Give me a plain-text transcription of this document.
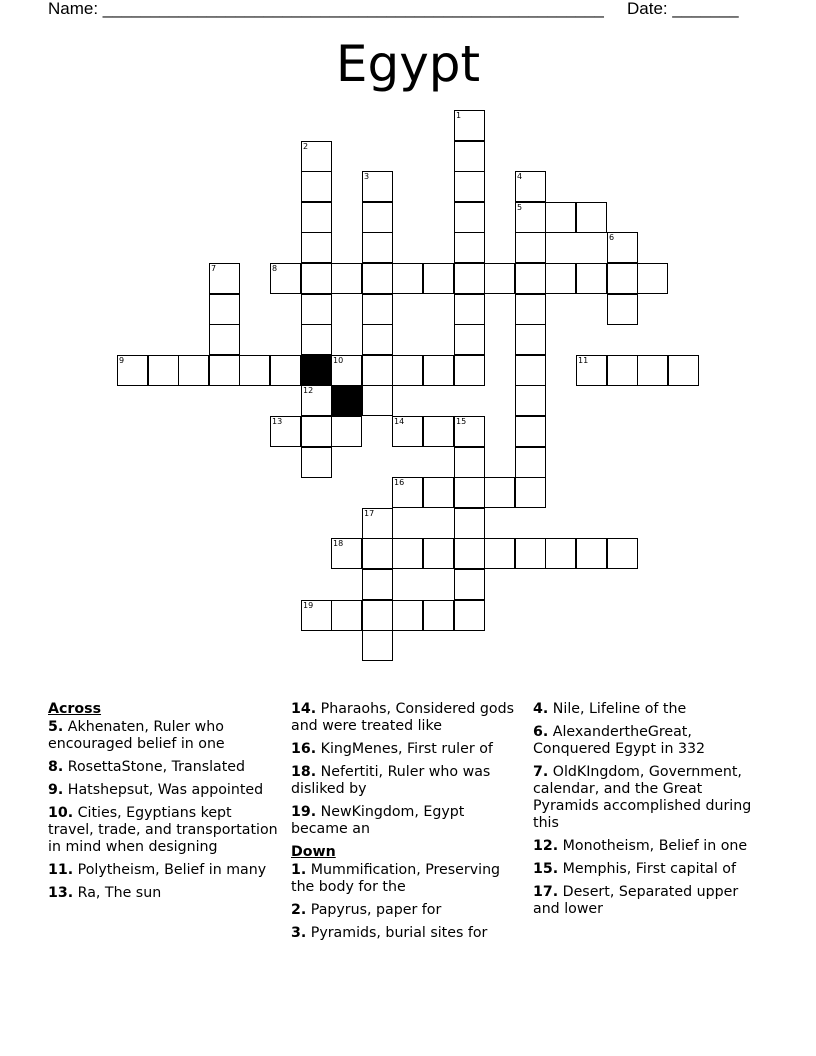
Name: _____________________________________________________ Date: _______
Egypt
1
2
12
3	4
5
6
7	8
9	10	11
13	14	15
16
17
18
19
Across
5. Akhenaten, Ruler who encouraged belief in one
8. RosettaStone, Translated
9. Hatshepsut, Was appointed
10. Cities, Egyptians kept travel, trade, and transportation in mind when designing
11. Polytheism, Belief in many
13. Ra, The sun
14. Pharaohs, Considered gods and were treated like
16. KingMenes, First ruler of
18. Nefertiti, Ruler who was disliked by
19. NewKingdom, Egypt became an
Down
1. Mummification, Preserving the body for the
2. Papyrus, paper for
3. Pyramids, burial sites for
4. Nile, Lifeline of the
6. AlexandertheGreat, Conquered Egypt in 332
7. OldKIngdom, Government, calendar, and the Great Pyramids accomplished during this
12. Monotheism, Belief in one
15. Memphis, First capital of
17. Desert, Separated upper and lower
